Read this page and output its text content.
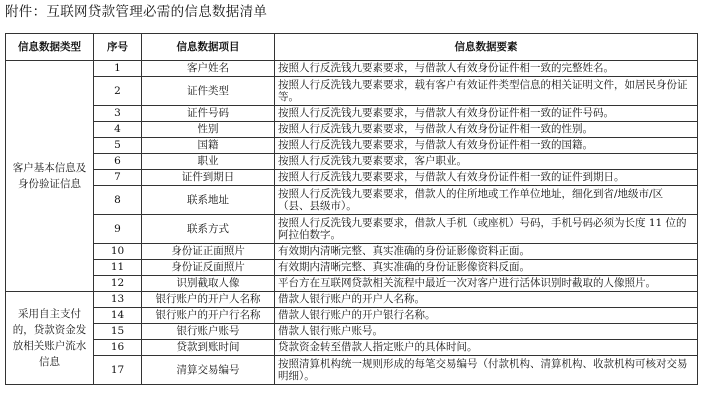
附件：互联网贷款管理必需的信息数据清单
信息数据类型	序号	信息数据项目	信息数据要素
客户基本信息及身份验证信息	1	客户姓名	按照人行反洗钱九要素要求，与借款人有效身份证件相一致的完整姓名。
	2	证件类型	按照人行反洗钱九要素要求，载有客户有效证件类型信息的相关证明文件，如居民身份证等。
	3	证件号码	按照人行反洗钱九要素要求，与借款人有效身份证件相一致的证件号码。
	4	性别	按照人行反洗钱九要素要求，与借款人有效身份证件相一致的性别。
	5	国籍	按照人行反洗钱九要素要求，与借款人有效身份证件相一致的国籍。
	6	职业	按照人行反洗钱九要素要求，客户职业。
	7	证件到期日	按照人行反洗钱九要素要求，与借款人有效身份证件相一致的证件到期日。
	8	联系地址	按照人行反洗钱九要素要求，借款人的住所地或工作单位地址，细化到省/地级市/区（县、县级市）。
	9	联系方式	按照人行反洗钱九要素要求，借款人手机（或座机）号码，手机号码必须为长度 11 位的阿拉伯数字。
	10	身份证正面照片	有效期内清晰完整、真实准确的身份证影像资料正面。
	11	身份证反面照片	有效期内清晰完整、真实准确的身份证影像资料反面。
	12	识别截取人像	平台方在互联网贷款相关流程中最近一次对客户进行活体识别时截取的人像照片。
采用自主支付的，贷款资金发放相关账户流水信息	13	银行账户的开户人名称	借款人银行账户的开户人名称。
	14	银行账户的开户行名称	借款人银行账户的开户银行名称。
	15	银行账户账号	借款人银行账户账号。
	16	贷款到账时间	贷款资金转至借款人指定账户的具体时间。
	17	清算交易编号	按照清算机构统一规则形成的每笔交易编号（付款机构、清算机构、收款机构可核对交易明细）。
